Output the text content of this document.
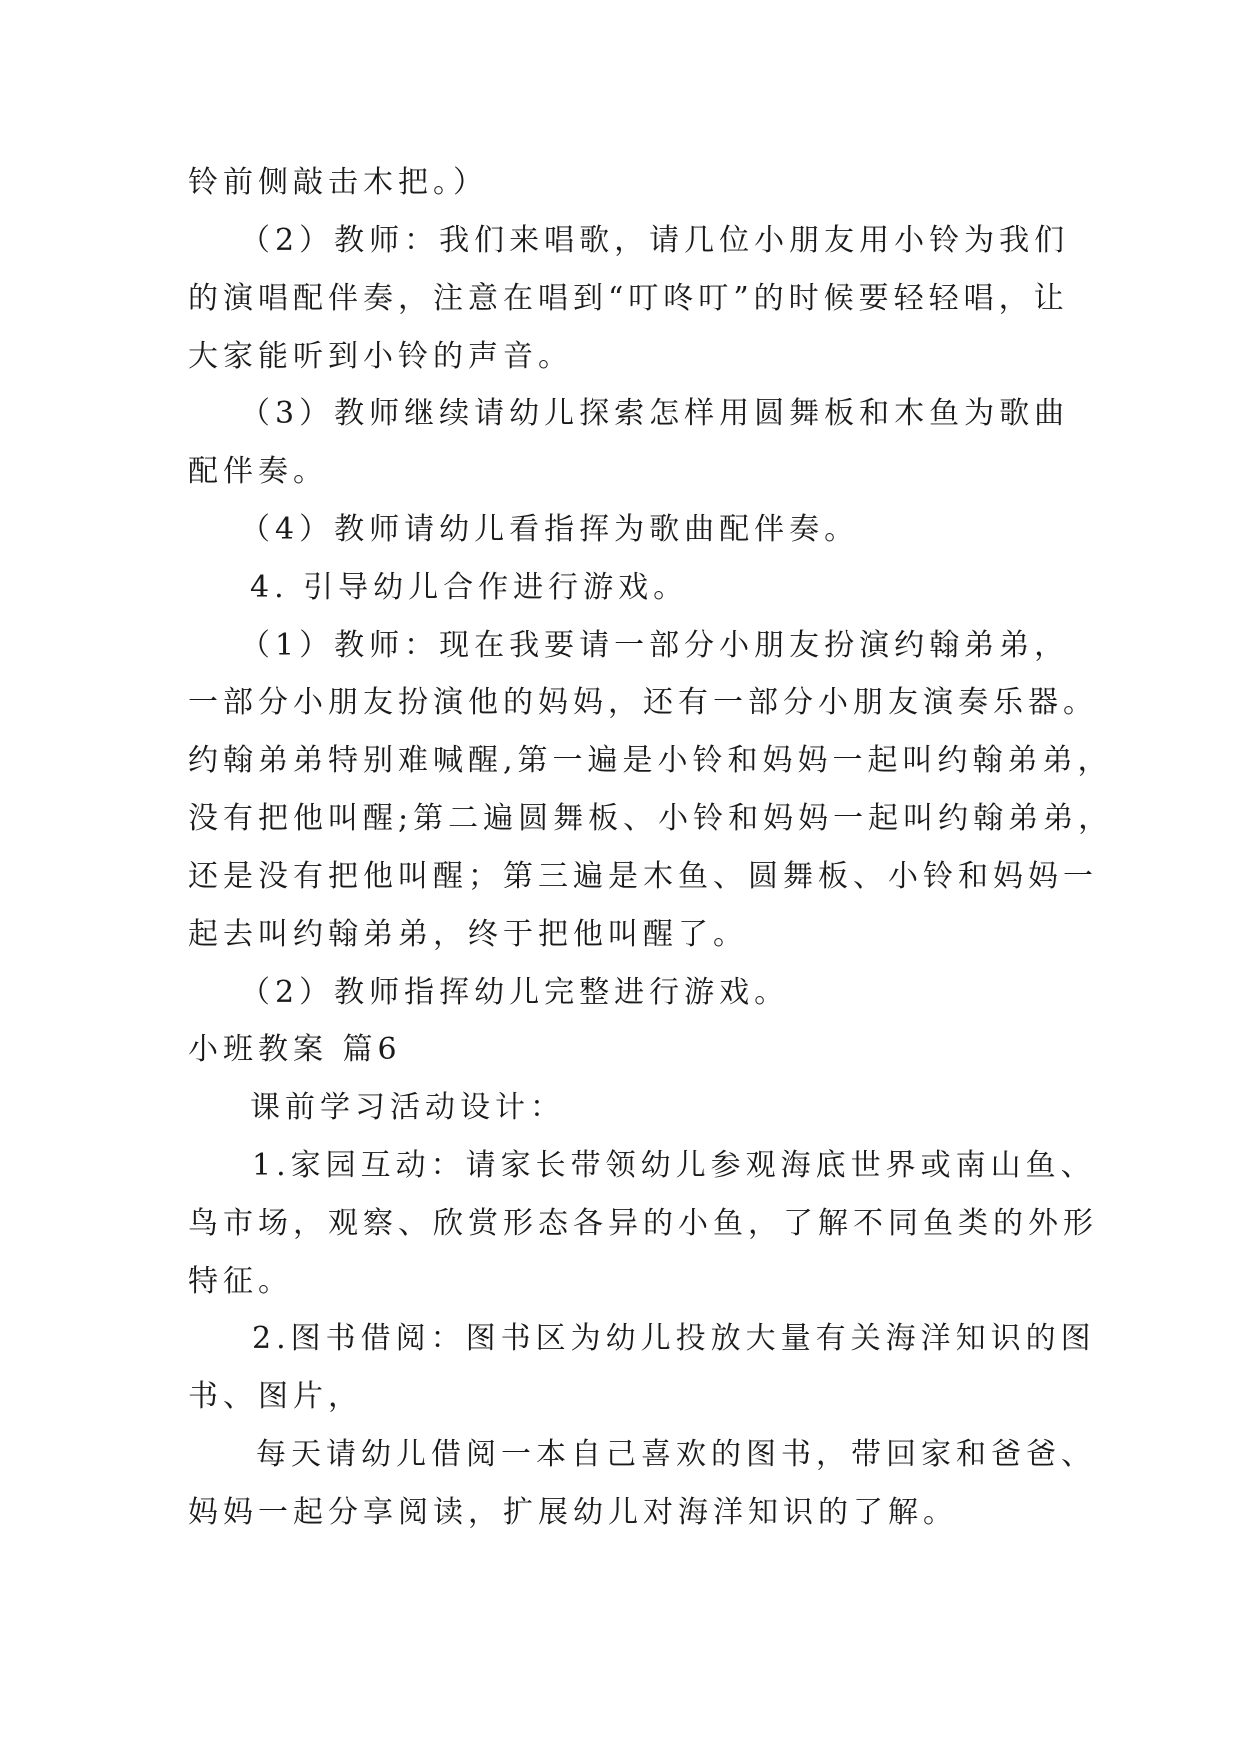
铃前侧敲击木把。）
（2）教师：我们来唱歌，请几位小朋友用小铃为我们
的演唱配伴奏，注意在唱到“叮咚叮”的时候要轻轻唱，让
大家能听到小铃的声音。
（3）教师继续请幼儿探索怎样用圆舞板和木鱼为歌曲
配伴奏。
（4）教师请幼儿看指挥为歌曲配伴奏。
4. 引导幼儿合作进行游戏。
（1）教师：现在我要请一部分小朋友扮演约翰弟弟，
一部分小朋友扮演他的妈妈，还有一部分小朋友演奏乐器。
约翰弟弟特别难喊醒,第一遍是小铃和妈妈一起叫约翰弟弟，
没有把他叫醒;第二遍圆舞板、小铃和妈妈一起叫约翰弟弟，
还是没有把他叫醒；第三遍是木鱼、圆舞板、小铃和妈妈一
起去叫约翰弟弟，终于把他叫醒了。
（2）教师指挥幼儿完整进行游戏。
小班教案 篇6
课前学习活动设计：
1.家园互动：请家长带领幼儿参观海底世界或南山鱼、
鸟市场，观察、欣赏形态各异的小鱼，了解不同鱼类的外形
特征。
2.图书借阅：图书区为幼儿投放大量有关海洋知识的图
书、图片，
每天请幼儿借阅一本自己喜欢的图书，带回家和爸爸、
妈妈一起分享阅读，扩展幼儿对海洋知识的了解。
